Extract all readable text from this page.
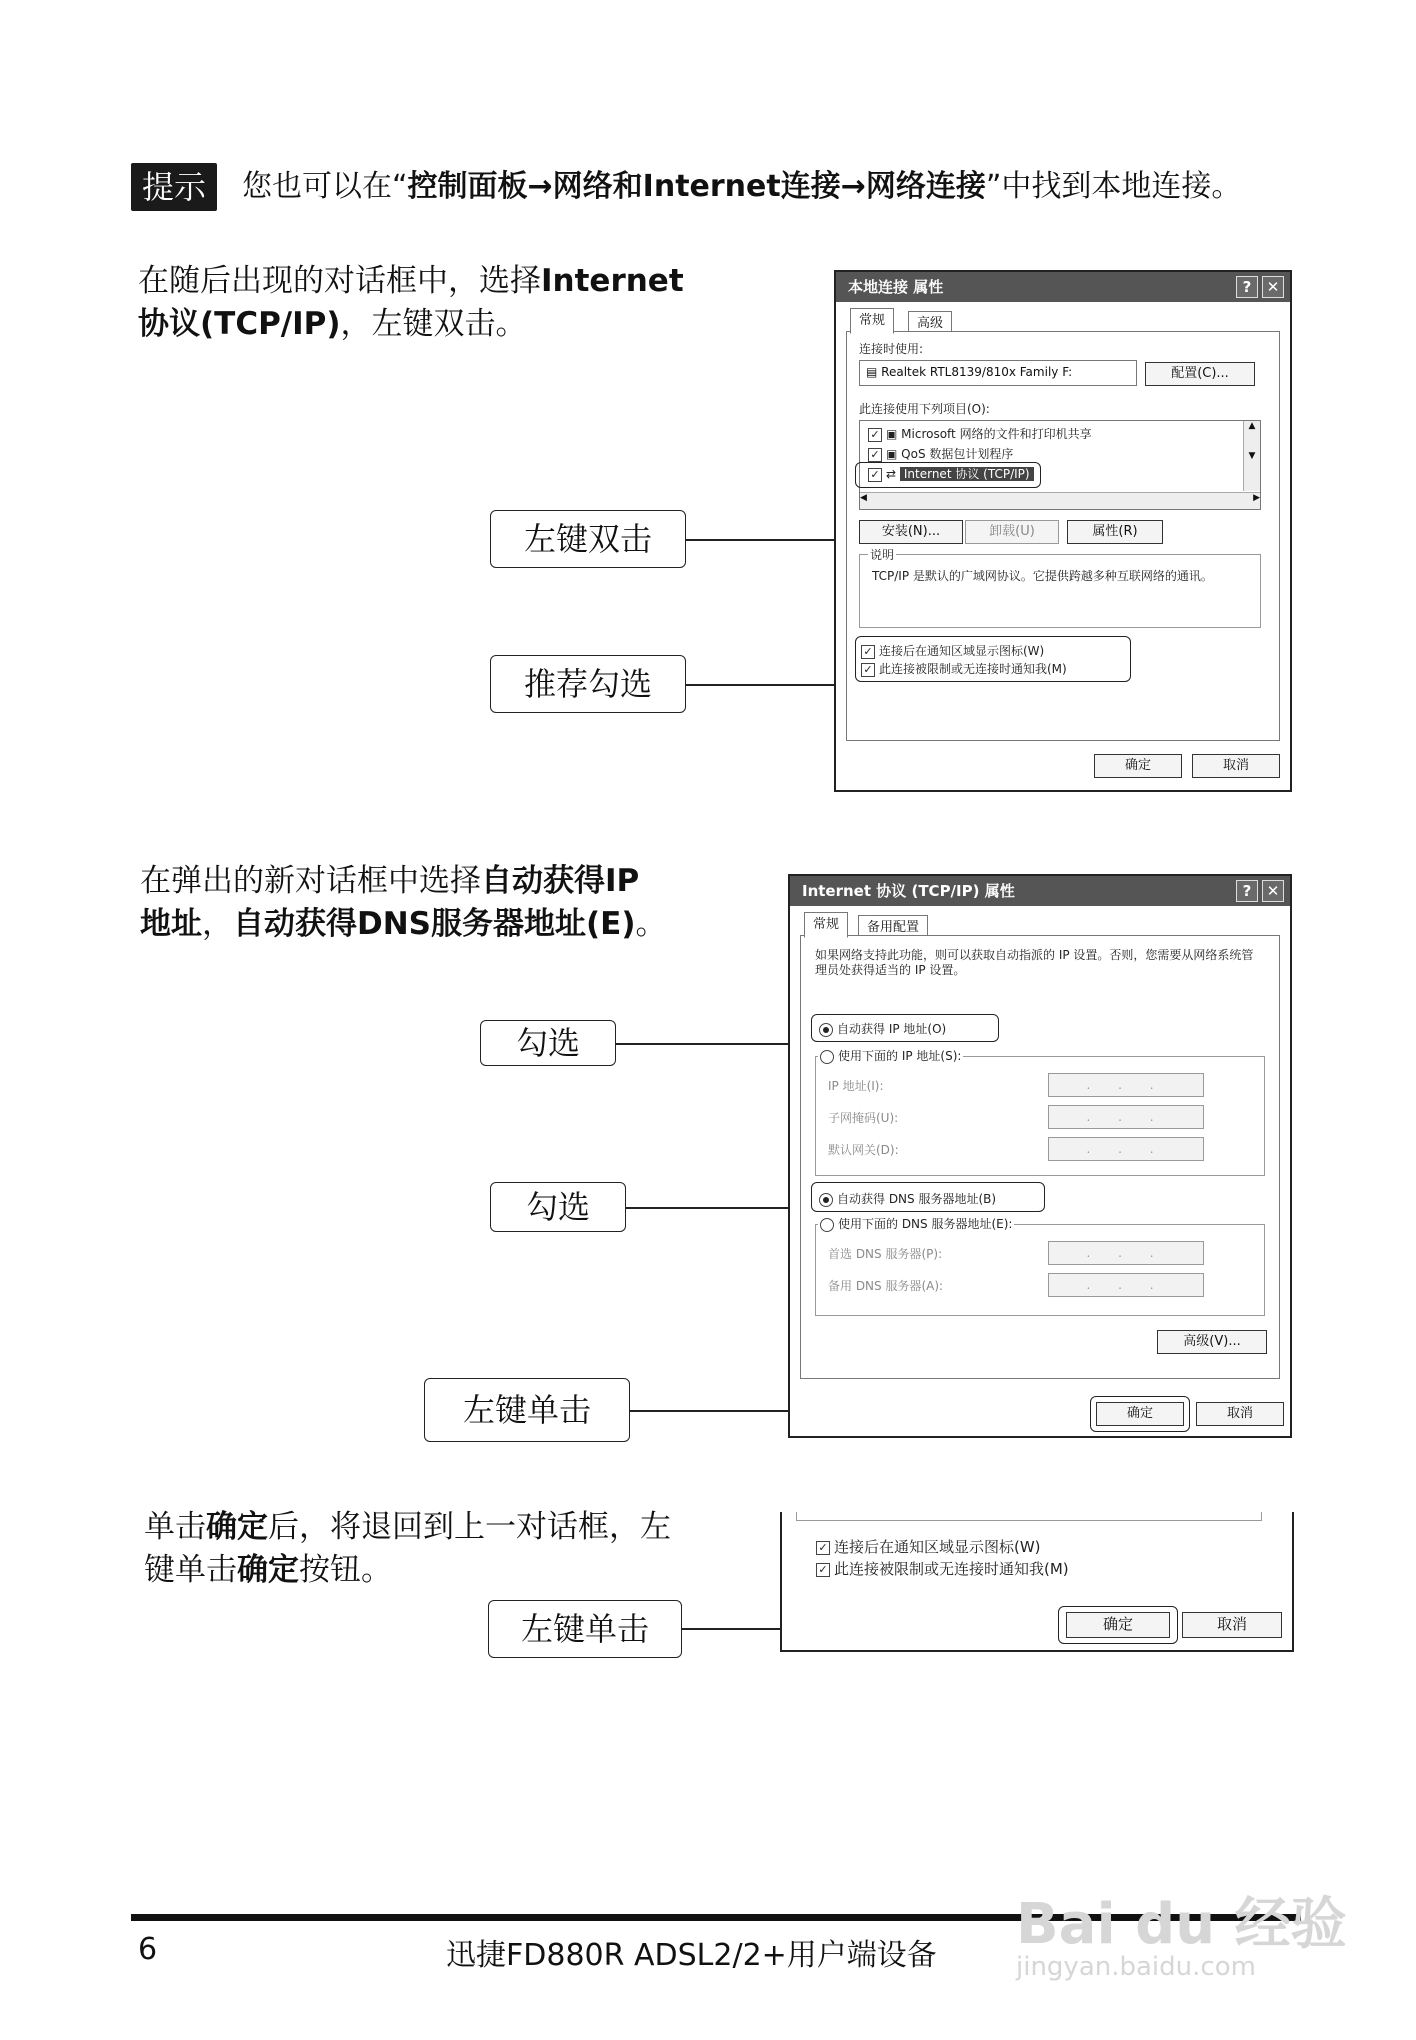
提示	您也可以在“控制面板→网络和Internet连接→网络连接”中找到本地连接。
在随后出现的对话框中，选择Internet
协议(TCP/IP)，左键双击。
左键双击
推荐勾选
本地连接 属性	?	✕
常规	高级
连接时使用:
▤ Realtek RTL8139/810x Family F:	配置(C)...
此连接使用下列项目(O):
✓ ▣ Microsoft 网络的文件和打印机共享
✓ ▣ QoS 数据包计划程序
✓ ⇄ Internet 协议 (TCP/IP)
▲

▼
◀	▶
安装(N)...	卸载(U)	属性(R)
说明
TCP/IP 是默认的广域网协议。它提供跨越多种互联网络的通讯。
✓ 连接后在通知区域显示图标(W)
✓ 此连接被限制或无连接时通知我(M)
确定	取消
在弹出的新对话框中选择自动获得IP
地址，自动获得DNS服务器地址(E)。
勾选
勾选
左键单击
Internet 协议 (TCP/IP) 属性	?	✕
常规	备用配置
如果网络支持此功能，则可以获取自动指派的 IP 设置。否则，您需要从网络系统管理员处获得适当的 IP 设置。
自动获得 IP 地址(O)
使用下面的 IP 地址(S):
IP 地址(I):	. . .
子网掩码(U):	. . .
默认网关(D):	. . .
自动获得 DNS 服务器地址(B)
使用下面的 DNS 服务器地址(E):
首选 DNS 服务器(P):	. . .
备用 DNS 服务器(A):	. . .
高级(V)...
确定	取消
单击确定后，将退回到上一对话框，左
键单击确定按钮。
左键单击
✓ 连接后在通知区域显示图标(W)
✓ 此连接被限制或无连接时通知我(M)
确定	取消
6	迅捷FD880R ADSL2/2+用户端设备 Bai du 经验
jingyan.baidu.com
